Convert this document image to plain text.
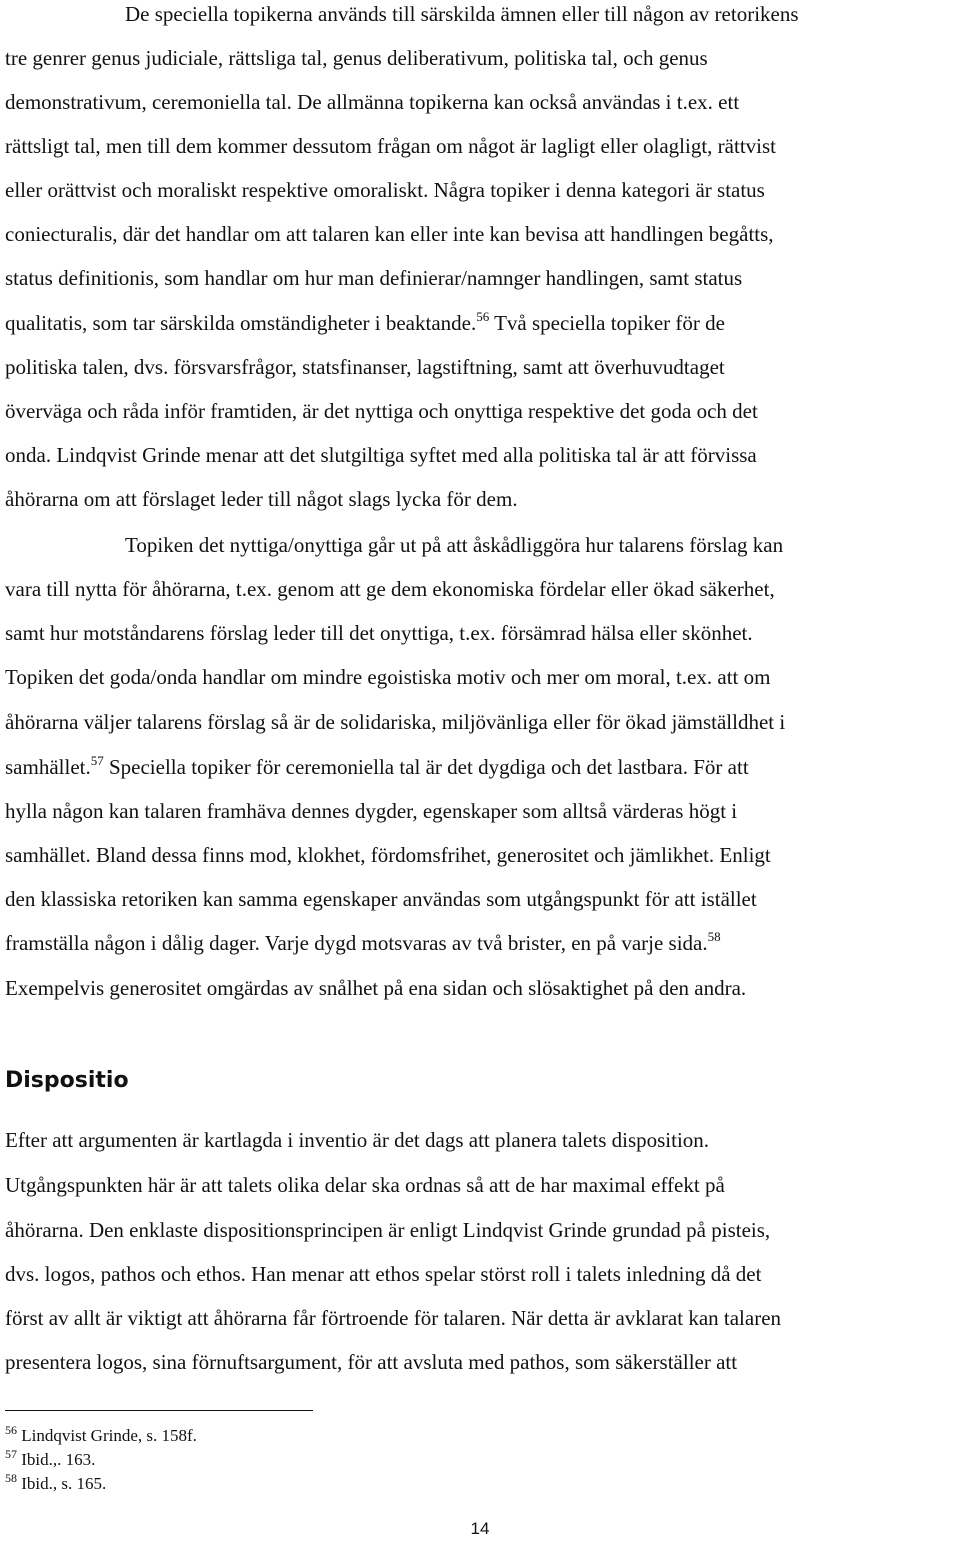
De speciella topikerna används till särskilda ämnen eller till någon av retorikens
tre genrer genus judiciale, rättsliga tal, genus deliberativum, politiska tal, och genus
demonstrativum, ceremoniella tal. De allmänna topikerna kan också användas i t.ex. ett
rättsligt tal, men till dem kommer dessutom frågan om något är lagligt eller olagligt, rättvist
eller orättvist och moraliskt respektive omoraliskt. Några topiker i denna kategori är status
coniecturalis, där det handlar om att talaren kan eller inte kan bevisa att handlingen begåtts,
status definitionis, som handlar om hur man definierar/namnger handlingen, samt status
qualitatis, som tar särskilda omständigheter i beaktande.$^{56}$ Två speciella topiker för de
politiska talen, dvs. försvarsfrågor, statsfinanser, lagstiftning, samt att överhuvudtaget
överväga och råda inför framtiden, är det nyttiga och onyttiga respektive det goda och det
onda. Lindqvist Grinde menar att det slutgiltiga syftet med alla politiska tal är att förvissa
åhörarna om att förslaget leder till något slags lycka för dem.
Topiken det nyttiga/onyttiga går ut på att åskådliggöra hur talarens förslag kan
vara till nytta för åhörarna, t.ex. genom att ge dem ekonomiska fördelar eller ökad säkerhet,
samt hur motståndarens förslag leder till det onyttiga, t.ex. försämrad hälsa eller skönhet.
Topiken det goda/onda handlar om mindre egoistiska motiv och mer om moral, t.ex. att om
åhörarna väljer talarens förslag så är de solidariska, miljövänliga eller för ökad jämställdhet i
samhället.$^{57}$ Speciella topiker för ceremoniella tal är det dygdiga och det lastbara. För att
hylla någon kan talaren framhäva dennes dygder, egenskaper som alltså värderas högt i
samhället. Bland dessa finns mod, klokhet, fördomsfrihet, generositet och jämlikhet. Enligt
den klassiska retoriken kan samma egenskaper användas som utgångspunkt för att istället
framställa någon i dålig dager. Varje dygd motsvaras av två brister, en på varje sida.$^{58}$
Exempelvis generositet omgärdas av snålhet på ena sidan och slösaktighet på den andra.
Dispositio
Efter att argumenten är kartlagda i inventio är det dags att planera talets disposition.
Utgångspunkten här är att talets olika delar ska ordnas så att de har maximal effekt på
åhörarna. Den enklaste dispositionsprincipen är enligt Lindqvist Grinde grundad på pisteis,
dvs. logos, pathos och ethos. Han menar att ethos spelar störst roll i talets inledning då det
först av allt är viktigt att åhörarna får förtroende för talaren. När detta är avklarat kan talaren
presentera logos, sina förnuftsargument, för att avsluta med pathos, som säkerställer att
$^{56}$ Lindqvist Grinde, s. 158f.
$^{57}$ Ibid.,. 163.
$^{58}$ Ibid., s. 165.
14
